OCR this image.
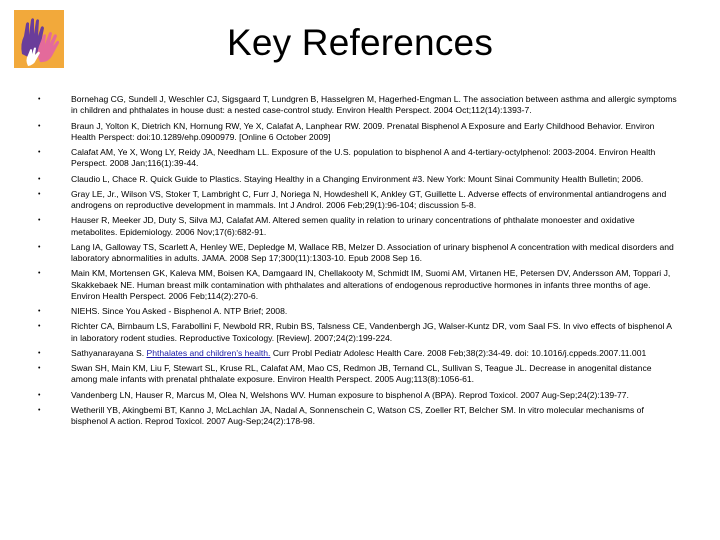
Key References
•	Bornehag CG, Sundell J, Weschler CJ, Sigsgaard T, Lundgren B, Hasselgren M, Hagerhed-Engman L. The association between asthma and allergic symptoms in children and phthalates in house dust: a nested case-control study. Environ Health Perspect. 2004 Oct;112(14):1393-7.
•	Braun J, Yolton K, Dietrich KN, Hornung RW, Ye X, Calafat A, Lanphear RW. 2009. Prenatal Bisphenol A Exposure and Early Childhood Behavior. Environ Health Perspect: doi:10.1289/ehp.0900979. [Online 6 October 2009]
•	Calafat AM, Ye X, Wong LY, Reidy JA, Needham LL. Exposure of the U.S. population to bisphenol A and 4-tertiary-octylphenol: 2003-2004. Environ Health Perspect. 2008 Jan;116(1):39-44.
•	Claudio L, Chace R. Quick Guide to Plastics. Staying Healthy in a Changing Environment #3. New York: Mount Sinai Community Health Bulletin; 2006.
•	Gray LE, Jr., Wilson VS, Stoker T, Lambright C, Furr J, Noriega N, Howdeshell K, Ankley GT, Guillette L. Adverse effects of environmental antiandrogens and androgens on reproductive development in mammals. Int J Androl. 2006 Feb;29(1):96-104; discussion 5-8.
•	Hauser R, Meeker JD, Duty S, Silva MJ, Calafat AM. Altered semen quality in relation to urinary concentrations of phthalate monoester and oxidative metabolites. Epidemiology. 2006 Nov;17(6):682-91.
•	Lang IA, Galloway TS, Scarlett A, Henley WE, Depledge M, Wallace RB, Melzer D. Association of urinary bisphenol A concentration with medical disorders and laboratory abnormalities in adults. JAMA. 2008 Sep 17;300(11):1303-10. Epub 2008 Sep 16.
•	Main KM, Mortensen GK, Kaleva MM, Boisen KA, Damgaard IN, Chellakooty M, Schmidt IM, Suomi AM, Virtanen HE, Petersen DV, Andersson AM, Toppari J, Skakkebaek NE. Human breast milk contamination with phthalates and alterations of endogenous reproductive hormones in infants three months of age. Environ Health Perspect. 2006 Feb;114(2):270-6.
•	NIEHS. Since You Asked - Bisphenol A. NTP Brief; 2008.
•	Richter CA, Birnbaum LS, Farabollini F, Newbold RR, Rubin BS, Talsness CE, Vandenbergh JG, Walser-Kuntz DR, vom Saal FS. In vivo effects of bisphenol A in laboratory rodent studies. Reproductive Toxicology. [Review]. 2007;24(2):199-224.
•	Sathyanarayana S. Phthalates and children's health. Curr Probl Pediatr Adolesc Health Care. 2008 Feb;38(2):34-49. doi: 10.1016/j.cppeds.2007.11.001
•	Swan SH, Main KM, Liu F, Stewart SL, Kruse RL, Calafat AM, Mao CS, Redmon JB, Ternand CL, Sullivan S, Teague JL. Decrease in anogenital distance among male infants with prenatal phthalate exposure. Environ Health Perspect. 2005 Aug;113(8):1056-61.
•	Vandenberg LN, Hauser R, Marcus M, Olea N, Welshons WV. Human exposure to bisphenol A (BPA). Reprod Toxicol. 2007 Aug-Sep;24(2):139-77.
•	Wetherill YB, Akingbemi BT, Kanno J, McLachlan JA, Nadal A, Sonnenschein C, Watson CS, Zoeller RT, Belcher SM. In vitro molecular mechanisms of bisphenol A action. Reprod Toxicol. 2007 Aug-Sep;24(2):178-98.
